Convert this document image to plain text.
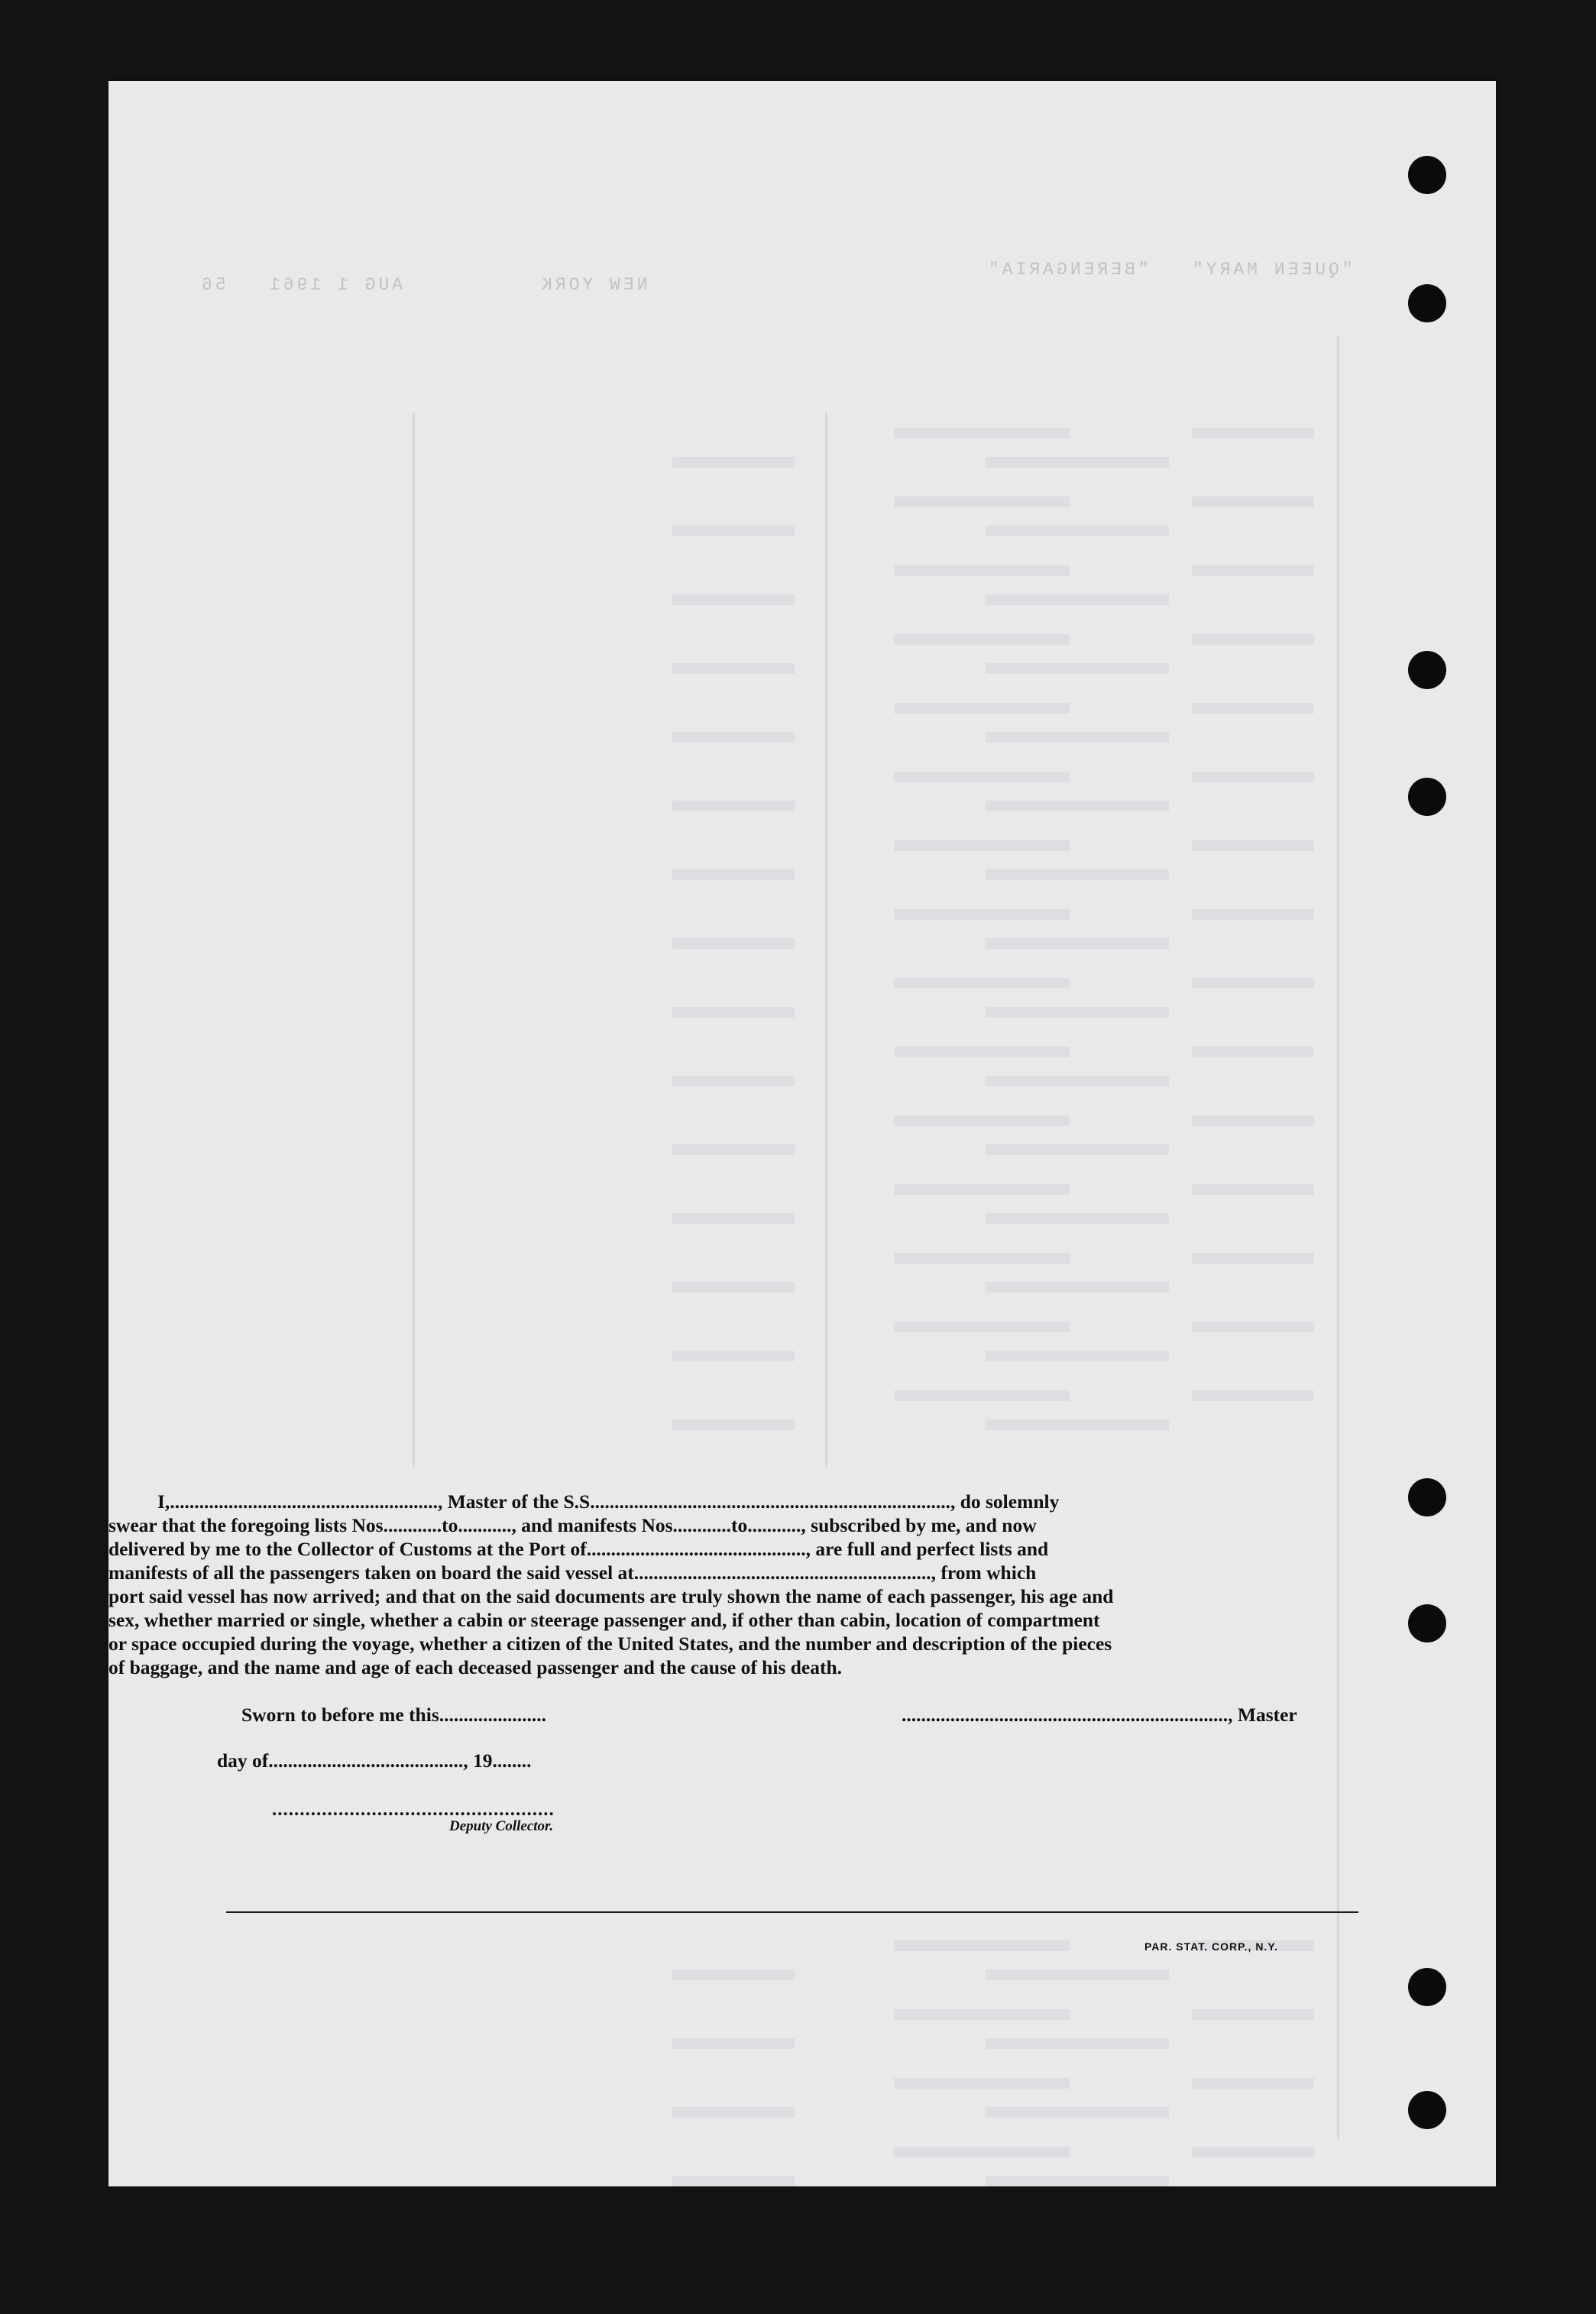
NEW YORK          AUG 1 1961   56
"QUEEN MARY"   "BERENGARIA"
I,......................................................., Master of the S.S.........................................................................., do solemnly
swear that the foregoing lists Nos............to..........., and manifests Nos............to..........., subscribed by me, and now
delivered by me to the Collector of Customs at the Port of............................................., are full and perfect lists and
manifests of all the passengers taken on board the said vessel at............................................................., from which
port said vessel has now arrived; and that on the said documents are truly shown the name of each passenger, his age and
sex, whether married or single, whether a cabin or steerage passenger and, if other than cabin, location of compartment
or space occupied during the voyage, whether a citizen of the United States, and the number and description of the pieces
of baggage, and the name and age of each deceased passenger and the cause of his death.
Sworn to before me this......................	..................................................................., Master
day of........................................, 19........
...................................................
Deputy Collector.
PAR. STAT. CORP., N.Y.
